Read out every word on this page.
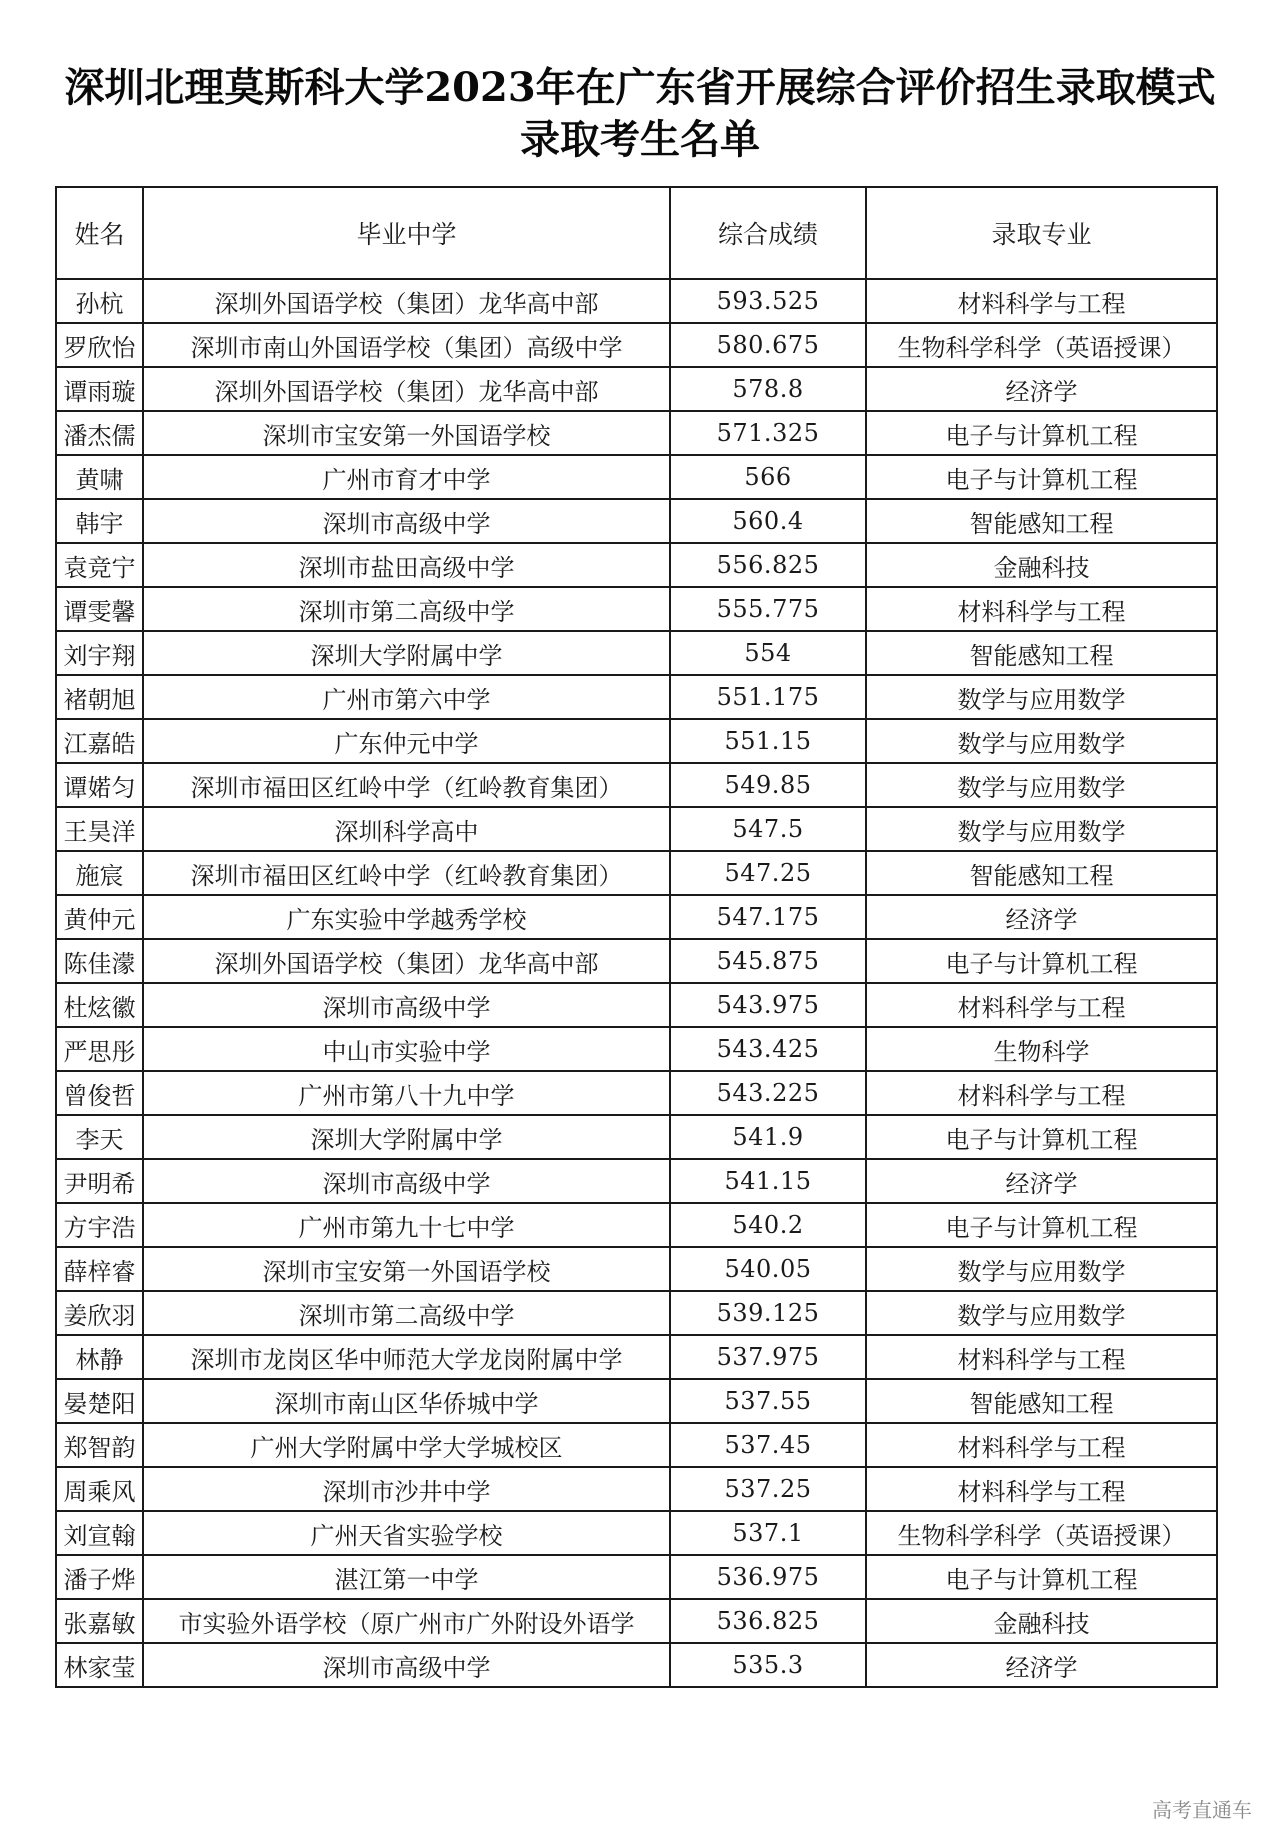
深圳北理莫斯科大学2023年在广东省开展综合评价招生录取模式
录取考生名单
姓名	毕业中学	综合成绩	录取专业
孙杭	深圳外国语学校（集团）龙华高中部	593.525	材料科学与工程
罗欣怡	深圳市南山外国语学校（集团）高级中学	580.675	生物科学科学（英语授课）
谭雨璇	深圳外国语学校（集团）龙华高中部	578.8	经济学
潘杰儒	深圳市宝安第一外国语学校	571.325	电子与计算机工程
黄啸	广州市育才中学	566	电子与计算机工程
韩宇	深圳市高级中学	560.4	智能感知工程
袁竞宁	深圳市盐田高级中学	556.825	金融科技
谭雯馨	深圳市第二高级中学	555.775	材料科学与工程
刘宇翔	深圳大学附属中学	554	智能感知工程
褚朝旭	广州市第六中学	551.175	数学与应用数学
江嘉皓	广东仲元中学	551.15	数学与应用数学
谭婼匀	深圳市福田区红岭中学（红岭教育集团）	549.85	数学与应用数学
王昊洋	深圳科学高中	547.5	数学与应用数学
施宸	深圳市福田区红岭中学（红岭教育集团）	547.25	智能感知工程
黄仲元	广东实验中学越秀学校	547.175	经济学
陈佳濛	深圳外国语学校（集团）龙华高中部	545.875	电子与计算机工程
杜炫徽	深圳市高级中学	543.975	材料科学与工程
严思彤	中山市实验中学	543.425	生物科学
曾俊哲	广州市第八十九中学	543.225	材料科学与工程
李天	深圳大学附属中学	541.9	电子与计算机工程
尹明希	深圳市高级中学	541.15	经济学
方宇浩	广州市第九十七中学	540.2	电子与计算机工程
薛梓睿	深圳市宝安第一外国语学校	540.05	数学与应用数学
姜欣羽	深圳市第二高级中学	539.125	数学与应用数学
林静	深圳市龙岗区华中师范大学龙岗附属中学	537.975	材料科学与工程
晏楚阳	深圳市南山区华侨城中学	537.55	智能感知工程
郑智韵	广州大学附属中学大学城校区	537.45	材料科学与工程
周乘风	深圳市沙井中学	537.25	材料科学与工程
刘宣翰	广州天省实验学校	537.1	生物科学科学（英语授课）
潘子烨	湛江第一中学	536.975	电子与计算机工程
张嘉敏	市实验外语学校（原广州市广外附设外语学	536.825	金融科技
林家莹	深圳市高级中学	535.3	经济学
高考直通车
